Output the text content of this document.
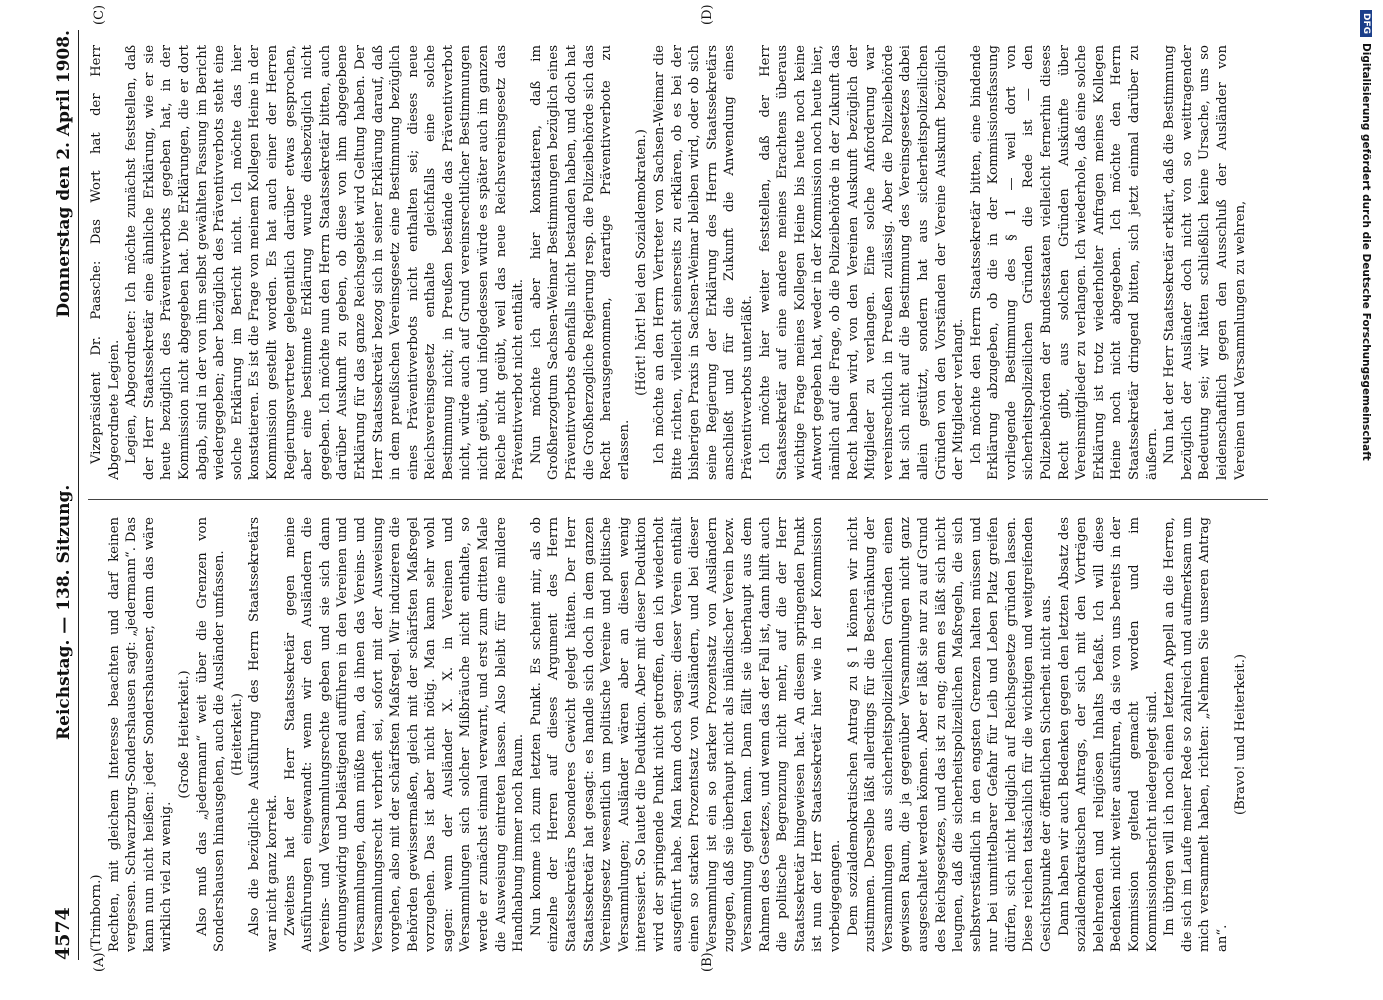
4574
Reichstag. — 138. Sitzung.
Donnerstag den 2. April 1908.
(A)	(B)
(C)	(D)

(Trimborn.) Rechten, mit gleichem Interesse beachten und darf keinen vergessen. Schwarzburg-Sondershausen sagt: „jedermann“. Das kann nun nicht heißen: jeder Sondershausener, denn das wäre wirklich viel zu wenig.

(Große Heiterkeit.) Also muß das „jedermann“ weit über die Grenzen von Sondershausen hinausgehen, auch die Ausländer umfassen. (Heiterkeit.) Also die bezügliche Ausführung des Herrn Staatssekretärs war nicht ganz korrekt. Zweitens hat der Herr Staatssekretär gegen meine Ausführungen eingewandt: wenn wir den Ausländern die Vereins- und Versammlungsrechte geben und sie sich dann ordnungswidrig und belästigend aufführen in den Vereinen und Versammlungen, dann müßte man, da ihnen das Vereins- und Versammlungsrecht verbrieft sei, sofort mit der Ausweisung vorgehen, also mit der schärfsten Maßregel. Wir induzieren die Behörden gewissermaßen, gleich mit der schärfsten Maßregel vorzugehen. Das ist aber nicht nötig. Man kann sehr wohl sagen: wenn der Ausländer X. X. in Vereinen und Versammlungen sich solcher Mißbräuche nicht enthalte, so werde er zunächst einmal verwarnt, und erst zum dritten Male die Ausweisung eintreten lassen. Also bleibt für eine mildere Handhabung immer noch Raum. Nun komme ich zum letzten Punkt. Es scheint mir, als ob einzelne der Herren auf dieses Argument des Herrn Staatssekretärs besonderes Gewicht gelegt hätten. Der Herr Staatssekretär hat gesagt: es handle sich doch in dem ganzen Vereinsgesetz wesentlich um politische Vereine und politische Versammlungen; Ausländer wären aber an diesen wenig interessiert. So lautet die Deduktion. Aber mit dieser Deduktion wird der springende Punkt nicht getroffen, den ich wiederholt ausgeführt habe. Man kann doch sagen: dieser Verein enthält einen so starken Prozentsatz von Ausländern, und bei dieser Versammlung ist ein so starker Prozentsatz von Ausländern zugegen, daß sie überhaupt nicht als inländischer Verein bezw. Versammlung gelten kann. Dann fällt sie überhaupt aus dem Rahmen des Gesetzes, und wenn das der Fall ist, dann hilft auch die politische Begrenzung nicht mehr, auf die der Herr Staatssekretär hingewiesen hat. An diesem springenden Punkt ist nun der Herr Staatssekretär hier wie in der Kommission vorbeigegangen. Dem sozialdemokratischen Antrag zu § 1 können wir nicht zustimmen. Derselbe läßt allerdings für die Beschränkung der Versammlungen aus sicherheitspolizeilichen Gründen einen gewissen Raum, die ja gegenüber Versammlungen nicht ganz ausgeschaltet werden können. Aber er läßt sie nur zu auf Grund des Reichsgesetzes, und das ist zu eng; denn es läßt sich nicht leugnen, daß die sicherheitspolizeilichen Maßregeln, die sich selbstverständlich in den engsten Grenzen halten müssen und nur bei unmittelbarer Gefahr für Leib und Leben Platz greifen dürfen, sich nicht lediglich auf Reichsgesetze gründen lassen. Diese reichen tatsächlich für die wichtigen und weitgreifenden Gesichtspunkte der öffentlichen Sicherheit nicht aus. Dann haben wir auch Bedenken gegen den letzten Absatz des sozialdemokratischen Antrags, der sich mit den Vorträgen belehrenden und religiösen Inhalts befaßt. Ich will diese Bedenken nicht weiter ausführen, da sie von uns bereits in der Kommission geltend gemacht worden und im Kommissionsbericht niedergelegt sind. Im übrigen will ich noch einen letzten Appell an die Herren, die sich im Laufe meiner Rede so zahlreich und aufmerksam um mich versammelt haben, richten: „Nehmen Sie unseren Antrag an“.

(Bravo! und Heiterkeit.)

Vizepräsident Dr. Paasche: Das Wort hat der Herr Abgeordnete Legien. Legien, Abgeordneter: Ich möchte zunächst feststellen, daß der Herr Staatssekretär eine ähnliche Erklärung, wie er sie heute bezüglich des Präventivverbots gegeben hat, in der Kommission nicht abgegeben hat. Die Erklärungen, die er dort abgab, sind in der von ihm selbst gewählten Fassung im Bericht wiedergegeben; aber bezüglich des Präventivverbots steht eine solche Erklärung im Bericht nicht. Ich möchte das hier konstatieren. Es ist die Frage von meinem Kollegen Heine in der Kommission gestellt worden. Es hat auch einer der Herren Regierungsvertreter gelegentlich darüber etwas gesprochen, aber eine bestimmte Erklärung wurde diesbezüglich nicht gegeben. Ich möchte nun den Herrn Staatssekretär bitten, auch darüber Auskunft zu geben, ob diese von ihm abgegebene Erklärung für das ganze Reichsgebiet wird Geltung haben. Der Herr Staatssekretär bezog sich in seiner Erklärung darauf, daß in dem preußischen Vereinsgesetz eine Bestimmung bezüglich eines Präventivverbots nicht enthalten sei; dieses neue Reichsvereinsgesetz enthalte gleichfalls eine solche Bestimmung nicht; in Preußen bestände das Präventivverbot nicht, würde auch auf Grund vereinsrechtlicher Bestimmungen nicht geübt, und infolgedessen würde es später auch im ganzen Reiche nicht geübt, weil das neue Reichsvereinsgesetz das Präventivverbot nicht enthält. Nun möchte ich aber hier konstatieren, daß im Großherzogtum Sachsen-Weimar Bestimmungen bezüglich eines Präventivverbots ebenfalls nicht bestanden haben, und doch hat die Großherzogliche Regierung resp. die Polizeibehörde sich das Recht herausgenommen, derartige Präventivverbote zu erlassen.

(Hört! hört! bei den Sozialdemokraten.) Ich möchte an den Herrn Vertreter von Sachsen-Weimar die Bitte richten, vielleicht seinerseits zu erklären, ob es bei der bisherigen Praxis in Sachsen-Weimar bleiben wird, oder ob sich seine Regierung der Erklärung des Herrn Staatssekretärs anschließt und für die Zukunft die Anwendung eines Präventivverbots unterläßt. Ich möchte hier weiter feststellen, daß der Herr Staatssekretär auf eine andere meines Erachtens überaus wichtige Frage meines Kollegen Heine bis heute noch keine Antwort gegeben hat, weder in der Kommission noch heute hier, nämlich auf die Frage, ob die Polizeibehörde in der Zukunft das Recht haben wird, von den Vereinen Auskunft bezüglich der Mitglieder zu verlangen. Eine solche Anforderung war vereinsrechtlich in Preußen zulässig. Aber die Polizeibehörde hat sich nicht auf die Bestimmung des Vereinsgesetzes dabei allein gestützt, sondern hat aus sicherheitspolizeilichen Gründen von den Vorständen der Vereine Auskunft bezüglich der Mitglieder verlangt. Ich möchte den Herrn Staatssekretär bitten, eine bindende Erklärung abzugeben, ob die in der Kommissionsfassung vorliegende Bestimmung des § 1 — weil dort von sicherheitspolizeilichen Gründen die Rede ist — den Polizeibehörden der Bundesstaaten vielleicht fernerhin dieses Recht gibt, aus solchen Gründen Auskünfte über Vereinsmitglieder zu verlangen. Ich wiederhole, daß eine solche Erklärung ist trotz wiederholter Anfragen meines Kollegen Heine noch nicht abgegeben. Ich möchte den Herrn Staatssekretär dringend bitten, sich jetzt einmal darüber zu äußern. Nun hat der Herr Staatssekretär erklärt, daß die Bestimmung bezüglich der Ausländer doch nicht von so weittragender Bedeutung sei; wir hätten schließlich keine Ursache, uns so leidenschaftlich gegen den Ausschluß der Ausländer von Vereinen und Versammlungen zu wehren,

DFG
Digitalisierung gefördert durch die Deutsche Forschungsgemeinschaft
